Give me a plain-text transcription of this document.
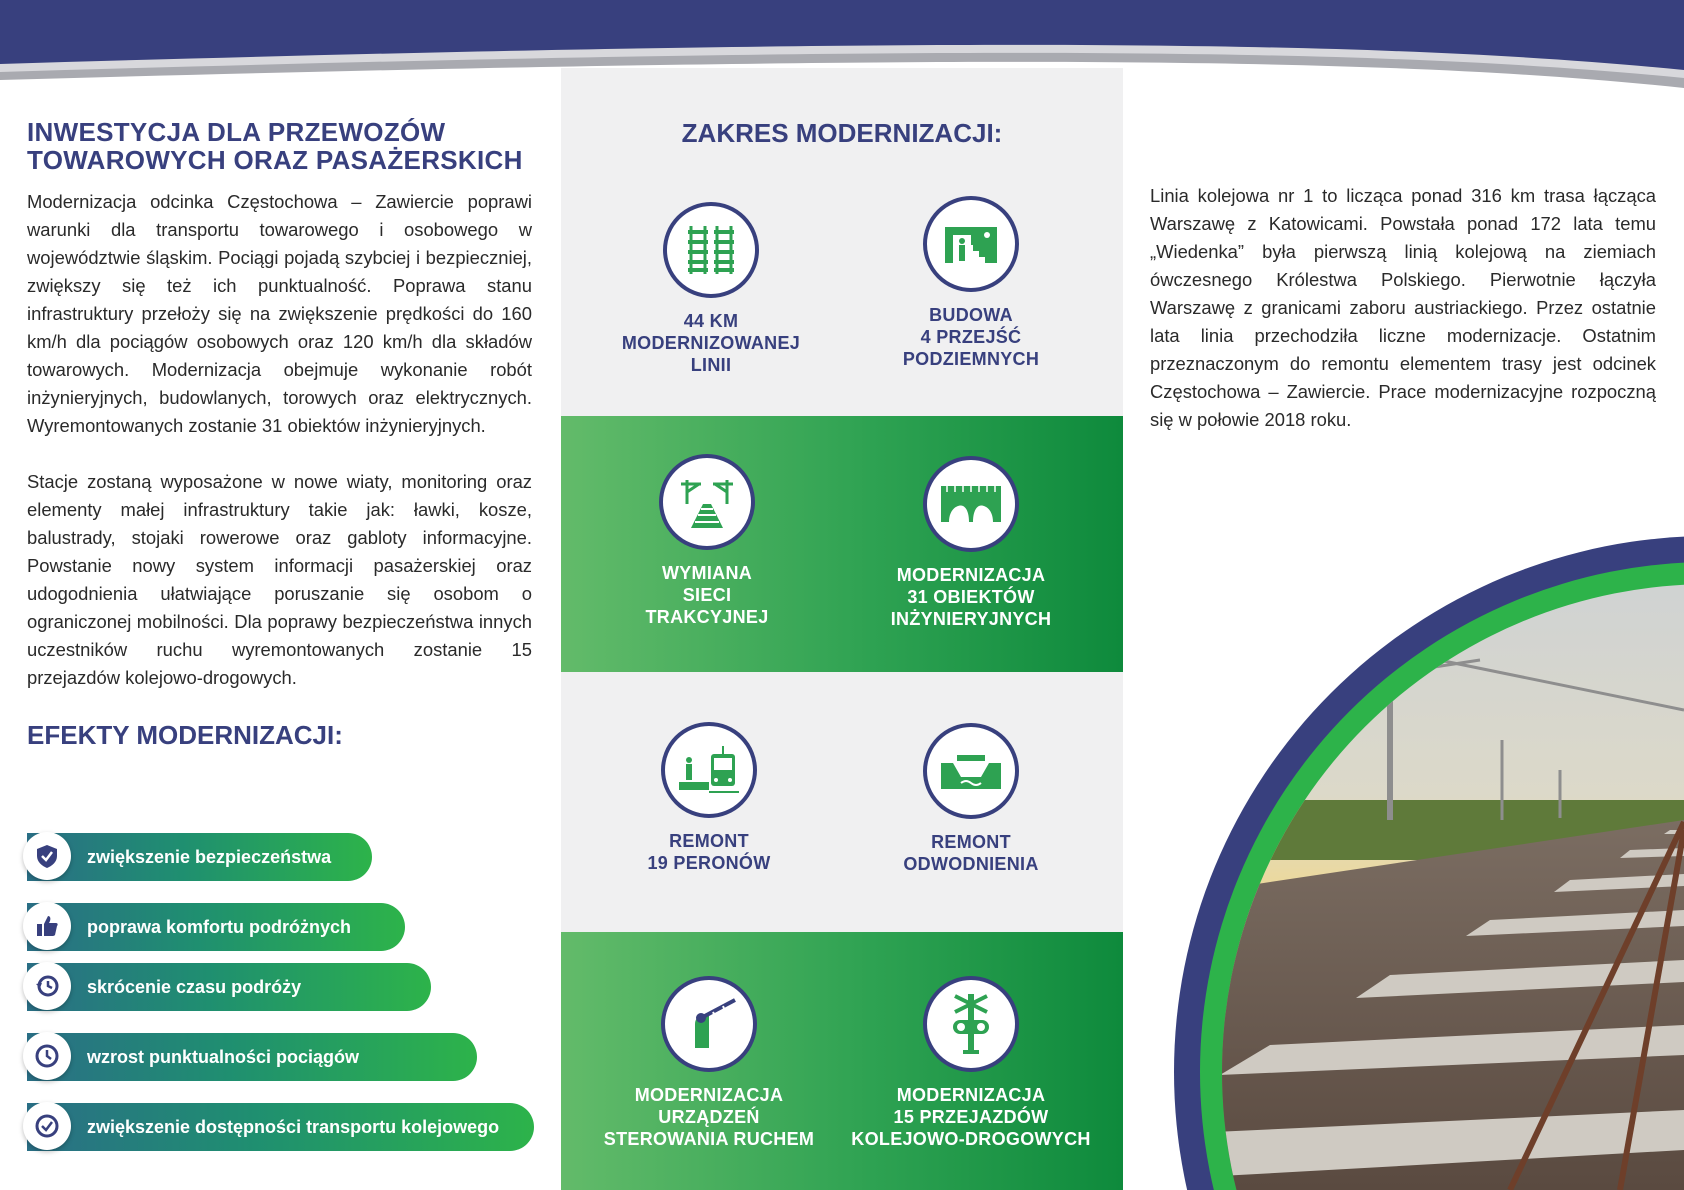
INWESTYCJA DLA PRZEWOZÓW
TOWAROWYCH ORAZ PASAŻERSKICH

Modernizacja odcinka Częstochowa – Zawiercie poprawi warunki dla transportu towarowego i osobowego w województwie śląskim. Pociągi pojadą szybciej i bezpieczniej, zwiększy się też ich punktualność. Poprawa stanu infrastruktury przełoży się na zwiększenie prędkości do 160 km/h dla pociągów osobowych oraz 120 km/h dla składów towarowych. Modernizacja obejmuje wykonanie robót inżynieryjnych, budowlanych, torowych oraz elektrycznych. Wyremontowanych zostanie 31 obiektów inżynieryjnych.

Stacje zostaną wyposażone w nowe wiaty, monitoring oraz elementy małej infrastruktury takie jak: ławki, kosze, balustrady, stojaki rowerowe oraz gabloty informacyjne. Powstanie nowy system informacji pasażerskiej oraz udogodnienia ułatwiające poruszanie się osobom o ograniczonej mobilności. Dla poprawy bezpieczeństwa innych uczestników ruchu wyremontowanych zostanie 15 przejazdów kolejowo-drogowych.

EFEKTY MODERNIZACJI:
zwiększenie bezpieczeństwa
poprawa komfortu podróżnych
skrócenie czasu podróży
wzrost punktualności pociągów
zwiększenie dostępności transportu kolejowego
ZAKRES MODERNIZACJI:
44 KM
MODERNIZOWANEJ
LINII
BUDOWA
4 PRZEJŚĆ
PODZIEMNYCH
WYMIANA
SIECI
TRAKCYJNEJ
MODERNIZACJA
31 OBIEKTÓW
INŻYNIERYJNYCH
REMONT
19 PERONÓW
REMONT
ODWODNIENIA
MODERNIZACJA
URZĄDZEŃ
STEROWANIA RUCHEM
MODERNIZACJA
15 PRZEJAZDÓW
KOLEJOWO-DROGOWYCH

Linia kolejowa nr 1 to licząca ponad 316 km trasa łącząca Warszawę z Katowicami. Powstała ponad 172 lata temu „Wiedenka” była pierwszą linią kolejową na ziemiach ówczesnego Królestwa Polskiego. Pierwotnie łączyła Warszawę z granicami zaboru austriackiego. Przez ostatnie lata linia przechodziła liczne modernizacje. Ostatnim przeznaczonym do remontu elementem trasy jest odcinek Częstochowa – Zawiercie. Prace modernizacyjne rozpoczną się w połowie 2018 roku.
